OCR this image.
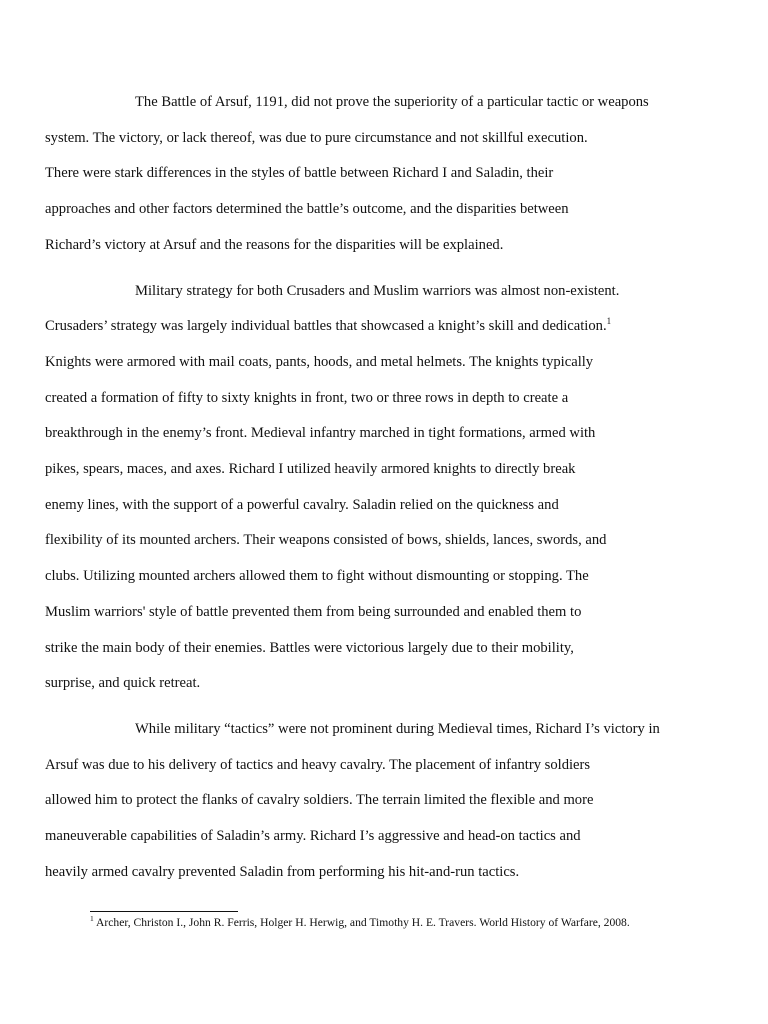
The Battle of Arsuf, 1191, did not prove the superiority of a particular tactic or weapons
system. The victory, or lack thereof, was due to pure circumstance and not skillful execution.
There were stark differences in the styles of battle between Richard I and Saladin, their
approaches and other factors determined the battle’s outcome, and the disparities between
Richard’s victory at Arsuf and the reasons for the disparities will be explained.

Military strategy for both Crusaders and Muslim warriors was almost non-existent.
Crusaders’ strategy was largely individual battles that showcased a knight’s skill and dedication.$^1$
Knights were armored with mail coats, pants, hoods, and metal helmets. The knights typically
created a formation of fifty to sixty knights in front, two or three rows in depth to create a
breakthrough in the enemy’s front. Medieval infantry marched in tight formations, armed with
pikes, spears, maces, and axes. Richard I utilized heavily armored knights to directly break
enemy lines, with the support of a powerful cavalry. Saladin relied on the quickness and
flexibility of its mounted archers. Their weapons consisted of bows, shields, lances, swords, and
clubs. Utilizing mounted archers allowed them to fight without dismounting or stopping. The
Muslim warriors' style of battle prevented them from being surrounded and enabled them to
strike the main body of their enemies. Battles were victorious largely due to their mobility,
surprise, and quick retreat.

While military “tactics” were not prominent during Medieval times, Richard I’s victory in
Arsuf was due to his delivery of tactics and heavy cavalry. The placement of infantry soldiers
allowed him to protect the flanks of cavalry soldiers. The terrain limited the flexible and more
maneuverable capabilities of Saladin’s army. Richard I’s aggressive and head-on tactics and
heavily armed cavalry prevented Saladin from performing his hit-and-run tactics.

$^1$ Archer, Christon I., John R. Ferris, Holger H. Herwig, and Timothy H. E. Travers. World History of Warfare, 2008.
